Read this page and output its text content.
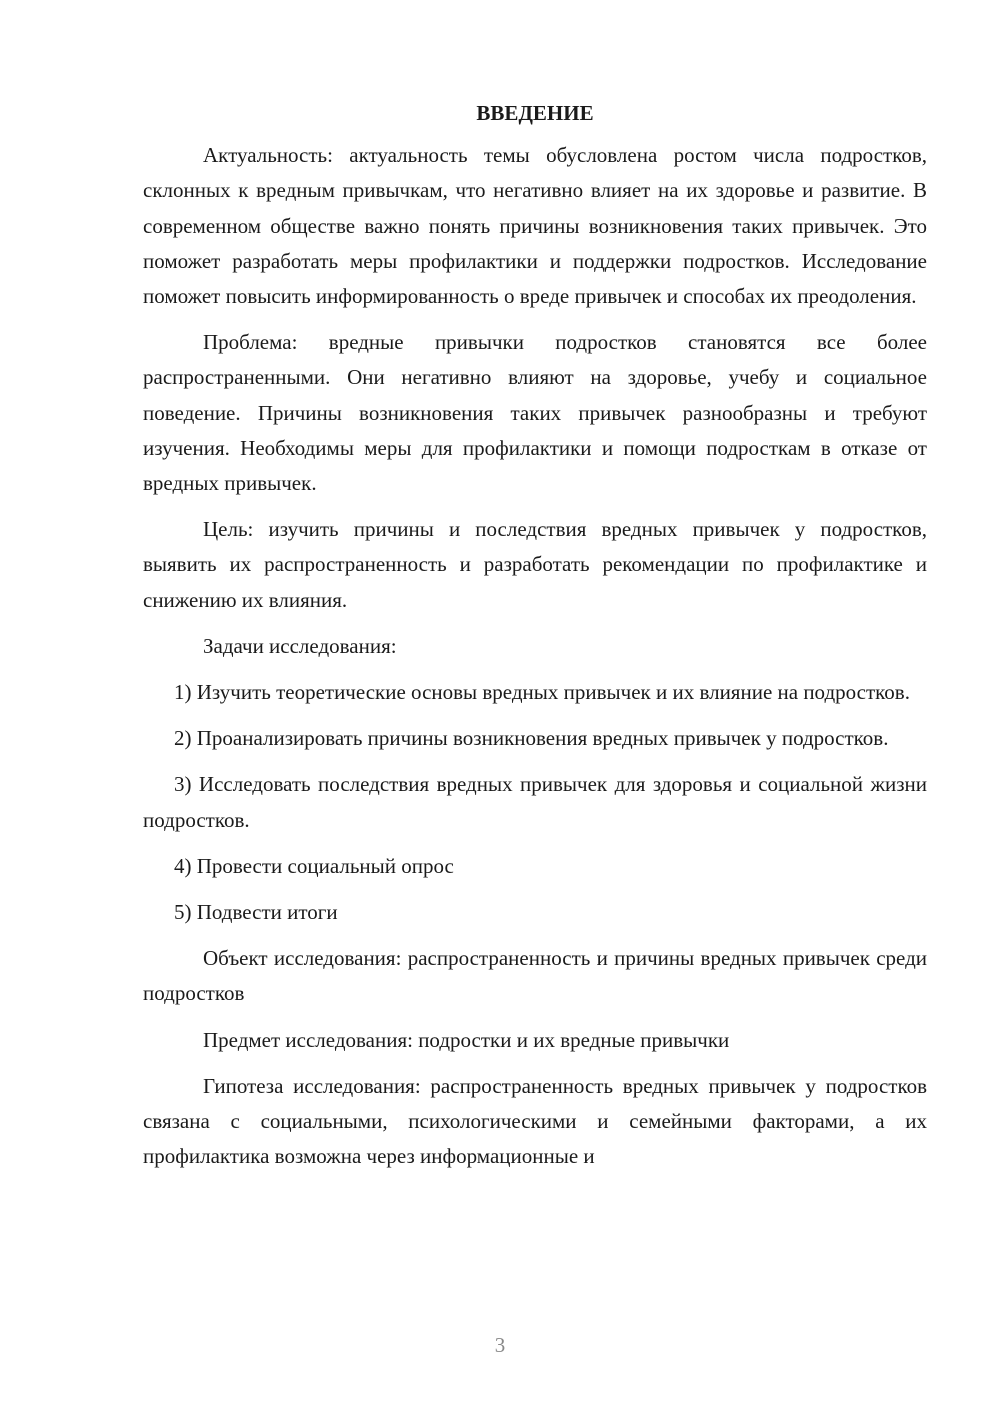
ВВЕДЕНИЕ

Актуальность: актуальность темы обусловлена ростом числа подростков, склонных к вредным привычкам, что негативно влияет на их здоровье и развитие. В современном обществе важно понять причины возникновения таких привычек. Это поможет разработать меры профилактики и поддержки подростков. Исследование поможет повысить информированность о вреде привычек и способах их преодоления.

Проблема: вредные привычки подростков становятся все более распространенными. Они негативно влияют на здоровье, учебу и социальное поведение. Причины возникновения таких привычек разнообразны и требуют изучения. Необходимы меры для профилактики и помощи подросткам в отказе от вредных привычек.

Цель: изучить причины и последствия вредных привычек у подростков, выявить их распространенность и разработать рекомендации по профилактике и снижению их влияния.

Задачи исследования:

1) Изучить теоретические основы вредных привычек и их влияние на подростков.

2) Проанализировать причины возникновения вредных привычек у подростков.

3) Исследовать последствия вредных привычек для здоровья и социальной жизни подростков.

4) Провести социальный опрос

5) Подвести итоги

Объект исследования: распространенность и причины вредных привычек среди подростков

Предмет исследования: подростки и их вредные привычки

Гипотеза исследования: распространенность вредных привычек у подростков связана с социальными, психологическими и семейными факторами, а их профилактика возможна через информационные и

3
